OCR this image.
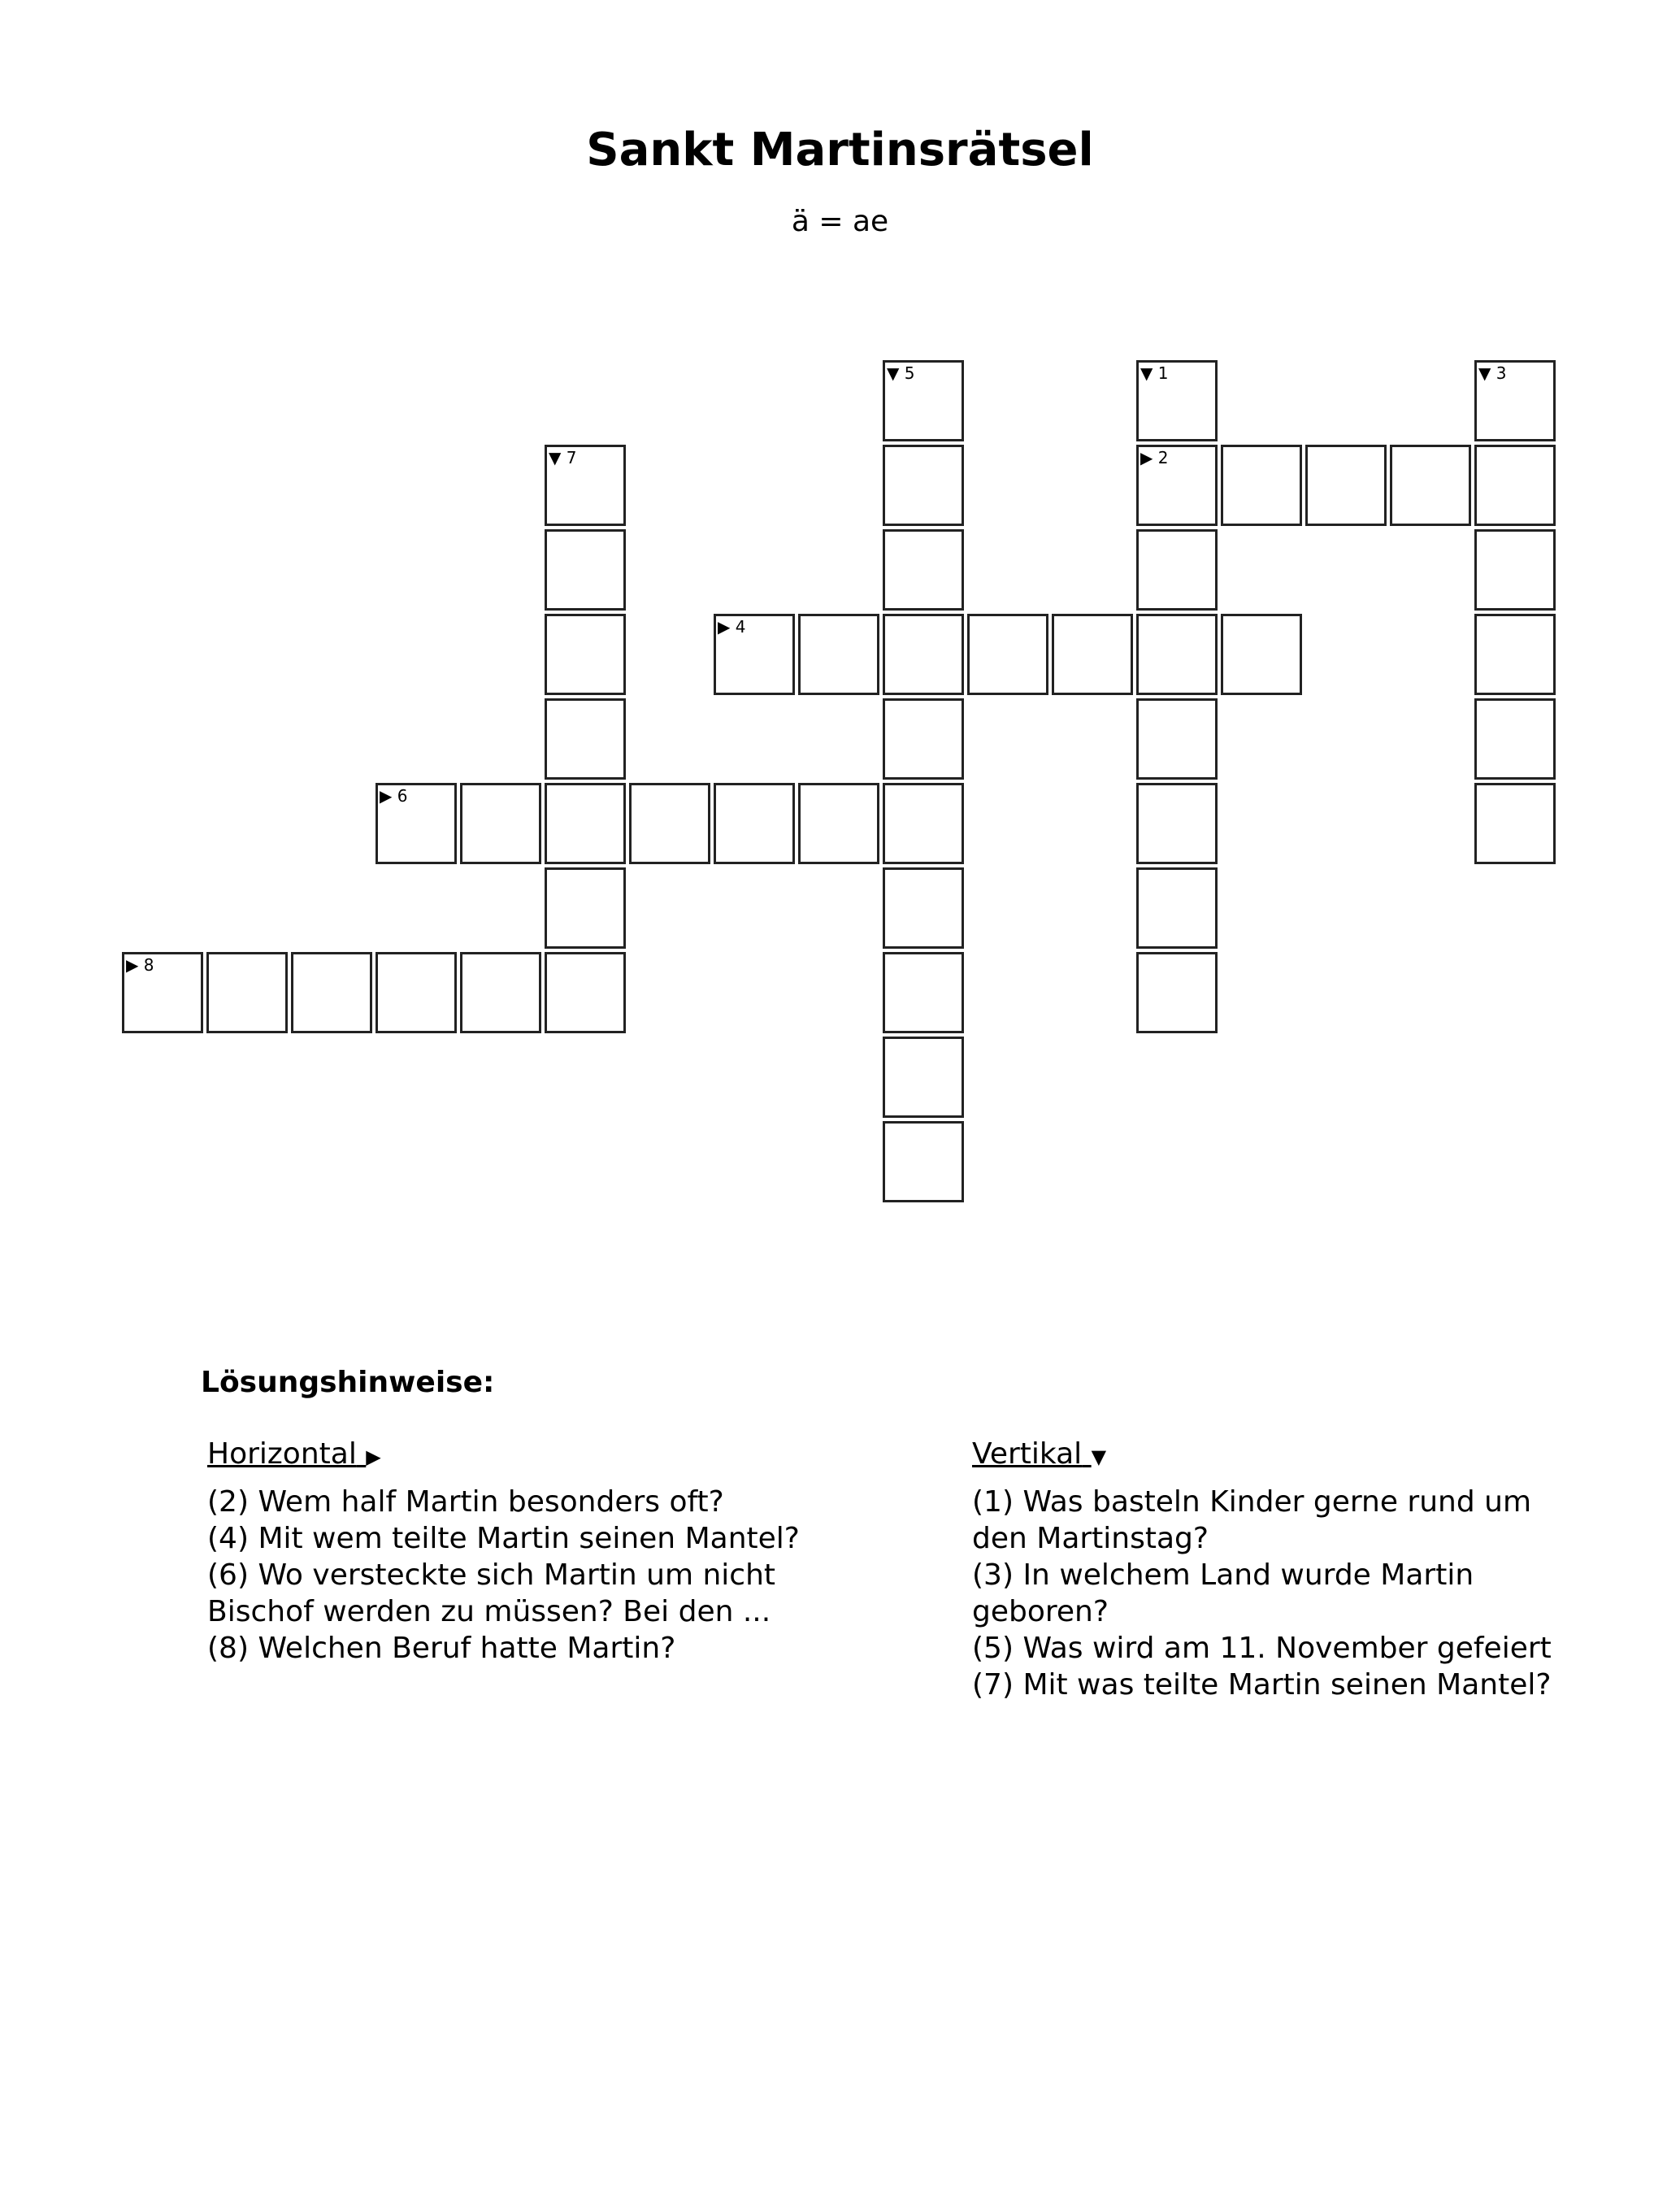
Sankt Martinsrätsel
ä = ae
▼ 5	▼ 1	▼ 3
▼ 7	▶ 2
▶ 4
▶ 6
▶ 8
Lösungshinweise:
Horizontal ▶

(2) Wem half Martin besonders oft?

(4) Mit wem teilte Martin seinen Mantel?

(6) Wo versteckte sich Martin um nicht Bischof werden zu müssen? Bei den ...

(8) Welchen Beruf hatte Martin?

Vertikal ▼

(1) Was basteln Kinder gerne rund um den Martinstag?

(3) In welchem Land wurde Martin geboren?

(5) Was wird am 11. November gefeiert

(7) Mit was teilte Martin seinen Mantel?
